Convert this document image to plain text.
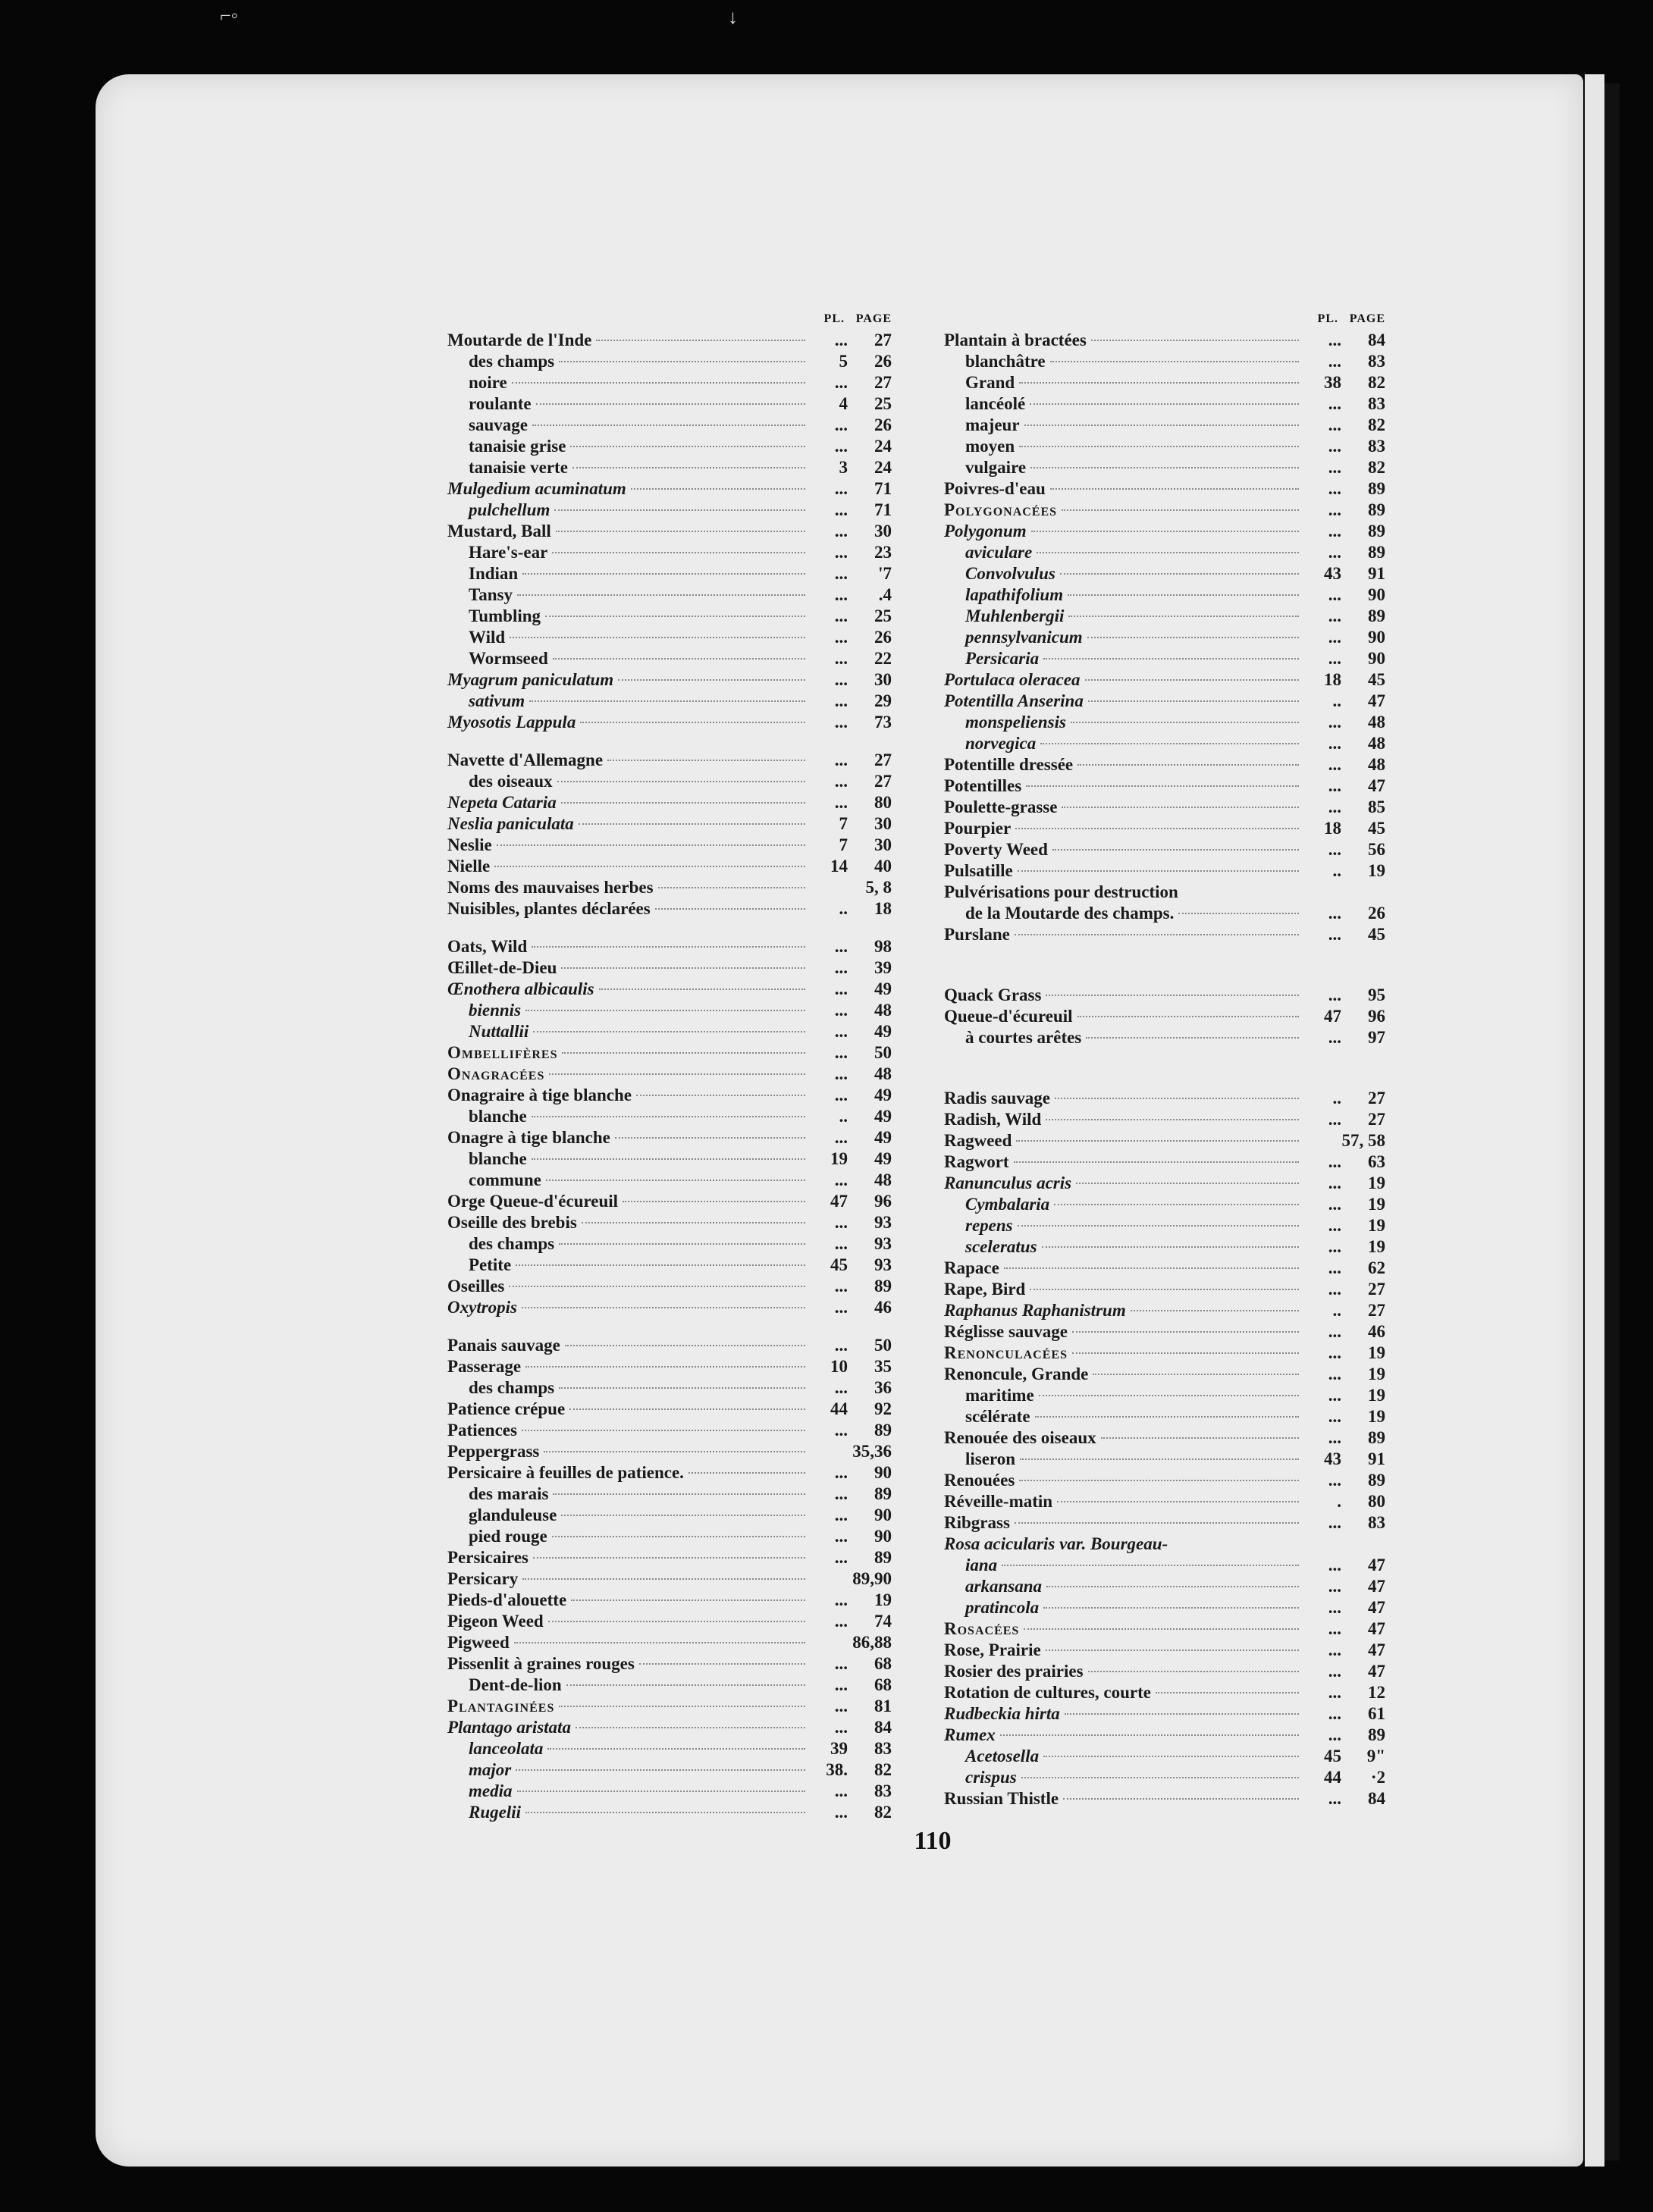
⌐◦	↓
PL. PAGE
Moutarde de l'Inde	...	27
des champs	5	26
noire	...	27
roulante	4	25
sauvage	...	26
tanaisie grise	...	24
tanaisie verte	3	24
Mulgedium acuminatum	...	71
pulchellum	...	71
Mustard, Ball	...	30
Hare's-ear	...	23
Indian	...	'7
Tansy	...	.4
Tumbling	...	25
Wild	...	26
Wormseed	...	22
Myagrum paniculatum	...	30
sativum	...	29
Myosotis Lappula	...	73
Navette d'Allemagne	...	27
des oiseaux	...	27
Nepeta Cataria	...	80
Neslia paniculata	7	30
Neslie	7	30
Nielle	14	40
Noms des mauvaises herbes	5, 8
Nuisibles, plantes déclarées	..	18
Oats, Wild	...	98
Œillet-de-Dieu	...	39
Œnothera albicaulis	...	49
biennis	...	48
Nuttallii	...	49
Ombellifères	...	50
Onagracées	...	48
Onagraire à tige blanche	...	49
blanche	..	49
Onagre à tige blanche	...	49
blanche	19	49
commune	...	48
Orge Queue-d'écureuil	47	96
Oseille des brebis	...	93
des champs	...	93
Petite	45	93
Oseilles	...	89
Oxytropis	...	46
Panais sauvage	...	50
Passerage	10	35
des champs	...	36
Patience crépue	44	92
Patiences	...	89
Peppergrass	35,36
Persicaire à feuilles de patience.	...	90
des marais	...	89
glanduleuse	...	90
pied rouge	...	90
Persicaires	...	89
Persicary	89,90
Pieds-d'alouette	...	19
Pigeon Weed	...	74
Pigweed	86,88
Pissenlit à graines rouges	...	68
Dent-de-lion	...	68
Plantaginées	...	81
Plantago aristata	...	84
lanceolata	39	83
major	38.	82
media	...	83
Rugelii	...	82
PL. PAGE
Plantain à bractées	...	84
blanchâtre	...	83
Grand	38	82
lancéolé	...	83
majeur	...	82
moyen	...	83
vulgaire	...	82
Poivres-d'eau	...	89
Polygonacées	...	89
Polygonum	...	89
aviculare	...	89
Convolvulus	43	91
lapathifolium	...	90
Muhlenbergii	...	89
pennsylvanicum	...	90
Persicaria	...	90
Portulaca oleracea	18	45
Potentilla Anserina	..	47
monspeliensis	...	48
norvegica	...	48
Potentille dressée	...	48
Potentilles	...	47
Poulette-grasse	...	85
Pourpier	18	45
Poverty Weed	...	56
Pulsatille	..	19
Pulvérisations pour destruction
de la Moutarde des champs.	...	26
Purslane	...	45
Quack Grass	...	95
Queue-d'écureuil	47	96
à courtes arêtes	...	97
Radis sauvage	..	27
Radish, Wild	...	27
Ragweed	57, 58
Ragwort	...	63
Ranunculus acris	...	19
Cymbalaria	...	19
repens	...	19
sceleratus	...	19
Rapace	...	62
Rape, Bird	...	27
Raphanus Raphanistrum	..	27
Réglisse sauvage	...	46
Renonculacées	...	19
Renoncule, Grande	...	19
maritime	...	19
scélérate	...	19
Renouée des oiseaux	...	89
liseron	43	91
Renouées	...	89
Réveille-matin	.	80
Ribgrass	...	83
Rosa acicularis var. Bourgeau-
iana	...	47
arkansana	...	47
pratincola	...	47
Rosacées	...	47
Rose, Prairie	...	47
Rosier des prairies	...	47
Rotation de cultures, courte	...	12
Rudbeckia hirta	...	61
Rumex	...	89
Acetosella	45	9"
crispus	44	·2
Russian Thistle	...	84
110
